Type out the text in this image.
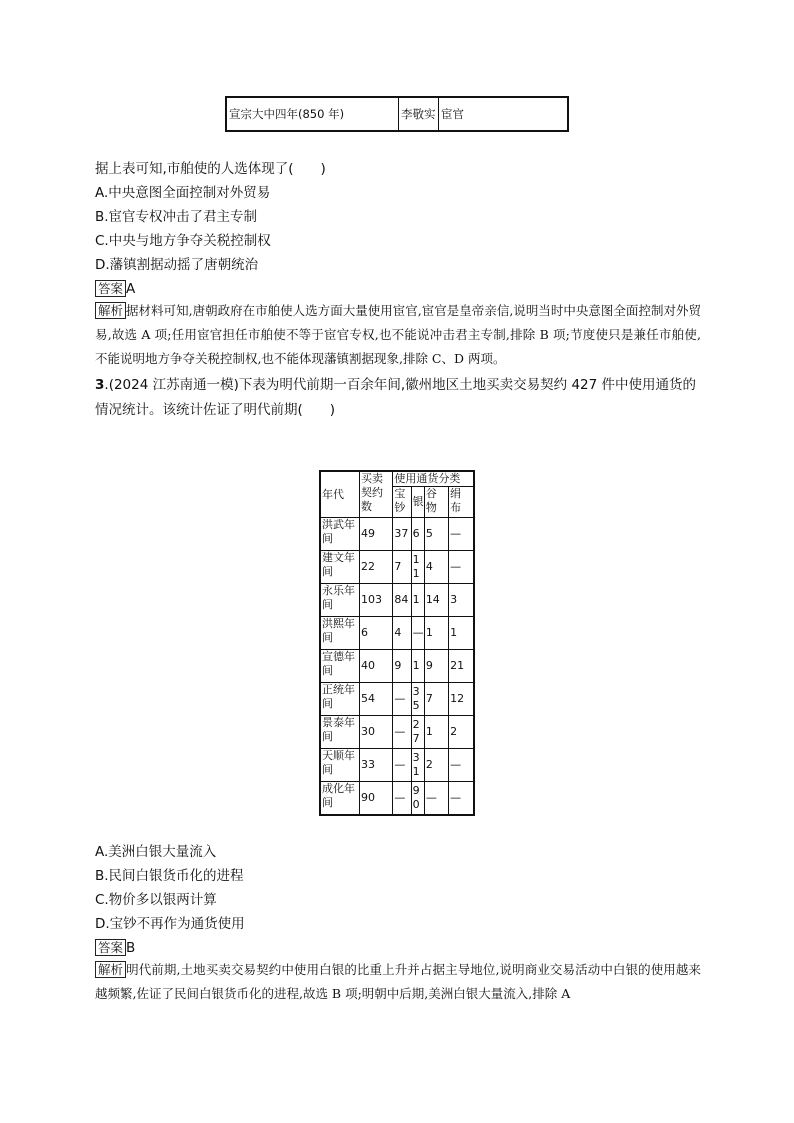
宣宗大中四年(850 年)	李敬实	宦官
据上表可知,市舶使的人选体现了(　　)
A.中央意图全面控制对外贸易
B.宦官专权冲击了君主专制
C.中央与地方争夺关税控制权
D.藩镇割据动摇了唐朝统治
答案 A
解析 据材料可知,唐朝政府在市舶使人选方面大量使用宦官,宦官是皇帝亲信,说明当时中央意图全面控制对外贸易,故选 A 项;任用宦官担任市舶使不等于宦官专权,也不能说冲击君主专制,排除 B 项;节度使只是兼任市舶使,不能说明地方争夺关税控制权,也不能体现藩镇割据现象,排除 C、D 两项。
3.(2024 江苏南通一模)下表为明代前期一百余年间,徽州地区土地买卖交易契约 427 件中使用通货的
情况统计。该统计佐证了明代前期(　　)
年代	买卖契约数	使用通货分类			
		宝钞	银	谷物	绢布
洪武年间	49	37	6	5	—
建文年间	22	7	11	4	—
永乐年间	103	84	1	14	3
洪熙年间	6	4	—	1	1
宣德年间	40	9	1	9	21
正统年间	54	—	35	7	12
景泰年间	30	—	27	1	2
天顺年间	33	—	31	2	—
成化年间	90	—	90	—	—
A.美洲白银大量流入
B.民间白银货币化的进程
C.物价多以银两计算
D.宝钞不再作为通货使用
答案 B
解析 明代前期,土地买卖交易契约中使用白银的比重上升并占据主导地位,说明商业交易活动中白银的使用越来越频繁,佐证了民间白银货币化的进程,故选 B 项;明朝中后期,美洲白银大量流入,排除 A
